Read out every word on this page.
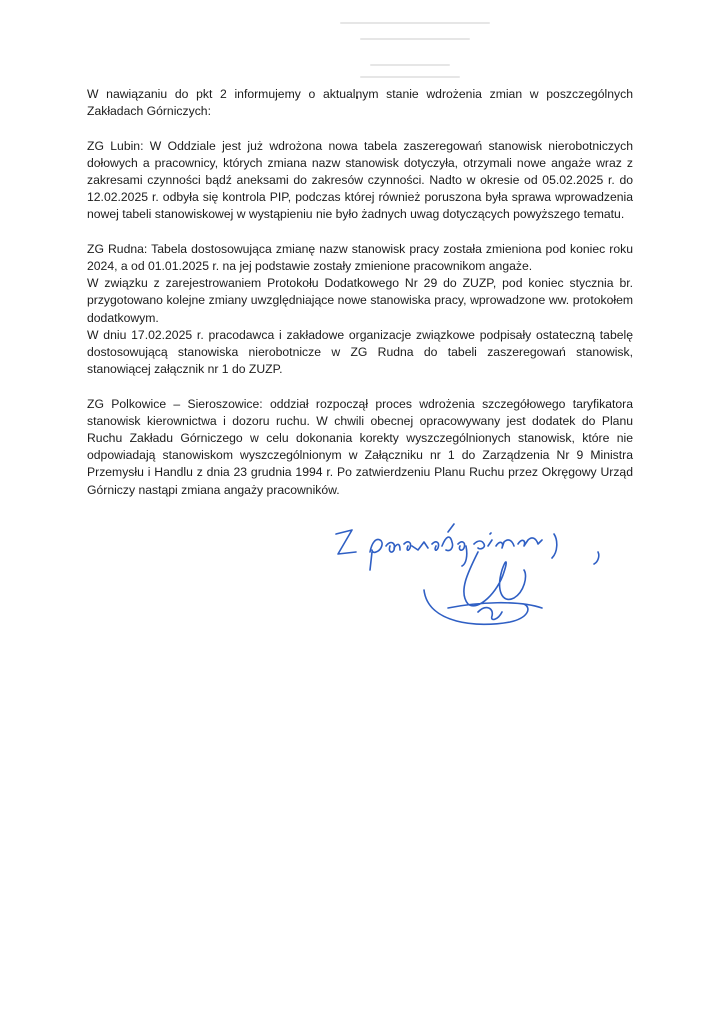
W nawiązaniu do pkt 2 informujemy o aktualnym stanie wdrożenia zmian w poszczególnych Zakładach Górniczych:

ZG Lubin: W Oddziale jest już wdrożona nowa tabela zaszeregowań stanowisk nierobotniczych dołowych a pracownicy, których zmiana nazw stanowisk dotyczyła, otrzymali nowe angaże wraz z zakresami czynności bądź aneksami do zakresów czynności. Nadto w okresie od 05.02.2025 r. do 12.02.2025 r. odbyła się kontrola PIP, podczas której również poruszona była sprawa wprowadzenia nowej tabeli stanowiskowej w wystąpieniu nie było żadnych uwag dotyczących powyższego tematu.

ZG Rudna: Tabela dostosowująca zmianę nazw stanowisk pracy została zmieniona pod koniec roku 2024, a od 01.01.2025 r. na jej podstawie zostały zmienione pracownikom angaże.

W związku z zarejestrowaniem Protokołu Dodatkowego Nr 29 do ZUZP, pod koniec stycznia br. przygotowano kolejne zmiany uwzględniające nowe stanowiska pracy, wprowadzone ww. protokołem dodatkowym.

W dniu 17.02.2025 r. pracodawca i zakładowe organizacje związkowe podpisały ostateczną tabelę dostosowującą stanowiska nierobotnicze w ZG Rudna do tabeli zaszeregowań stanowisk, stanowiącej załącznik nr 1 do ZUZP.

ZG Polkowice – Sieroszowice: oddział rozpoczął proces wdrożenia szczegółowego taryfikatora stanowisk kierownictwa i dozoru ruchu. W chwili obecnej opracowywany jest dodatek do Planu Ruchu Zakładu Górniczego w celu dokonania korekty wyszczególnionych stanowisk, które nie odpowiadają stanowiskom wyszczególnionym w Załączniku nr 1 do Zarządzenia Nr 9 Ministra Przemysłu i Handlu z dnia 23 grudnia 1994 r. Po zatwierdzeniu Planu Ruchu przez Okręgowy Urząd Górniczy nastąpi zmiana angaży pracowników.
